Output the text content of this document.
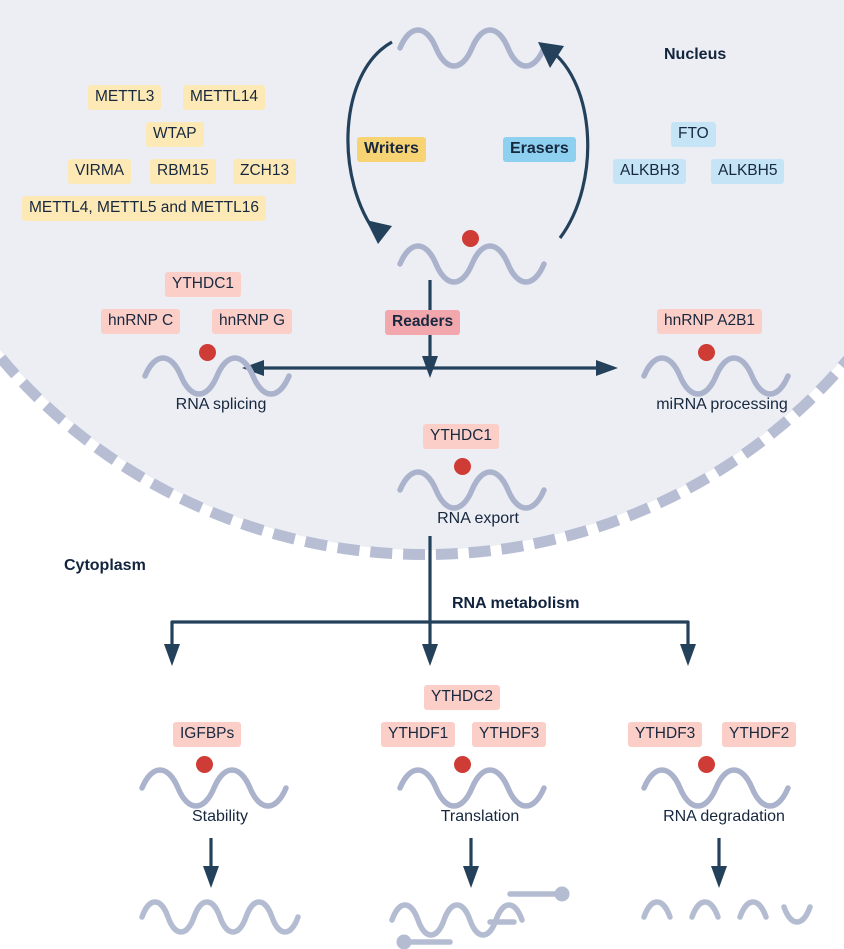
Nucleus
Cytoplasm
Writers	Erasers
METTL3	METTL14
WTAP
VIRMA	RBM15	ZCH13
METTL4, METTL5 and METTL16
FTO
ALKBH3	ALKBH5
Readers
YTHDC1
hnRNP C	hnRNP G
RNA splicing
hnRNP A2B1
miRNA processing
YTHDC1
RNA export
RNA metabolism
IGFBPs
Stability
YTHDC2
YTHDF1	YTHDF3
Translation
YTHDF3	YTHDF2
RNA degradation
